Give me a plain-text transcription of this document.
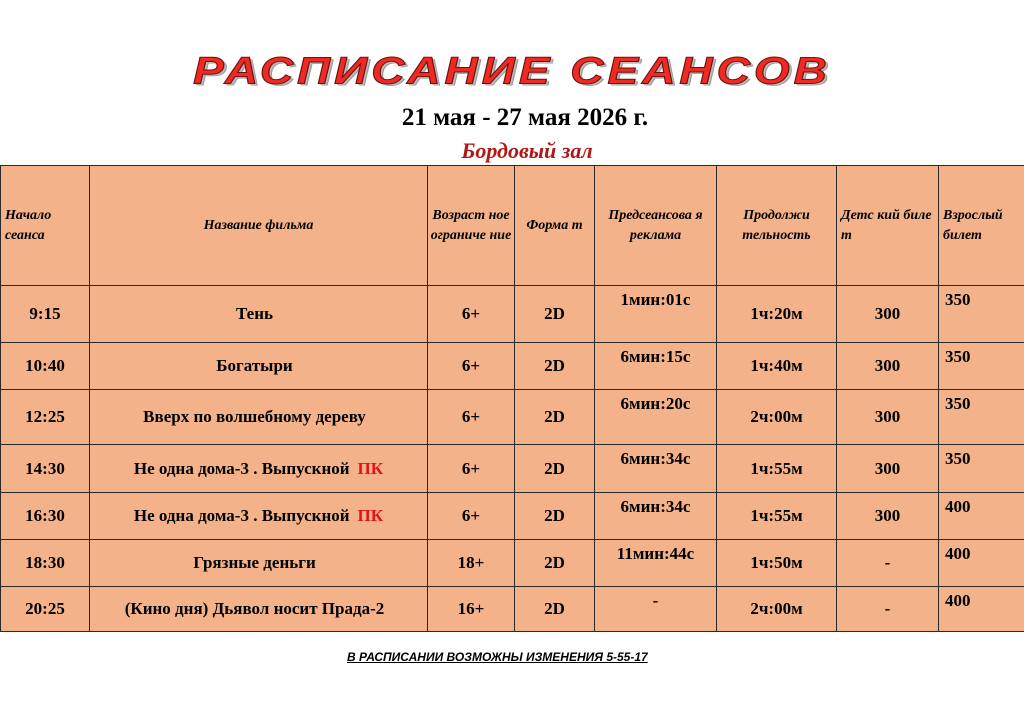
РАСПИСАНИЕ СЕАНСОВ
21 мая - 27 мая 2026 г.
Бордовый зал
Начало сеанса	Название фильма	Возраст ное ограниче ние	Форма т	Предсеансова я реклама	Продолжи тельность	Детс кий биле т	Взрослый билет
9:15	Тень	6+	2D	1мин:01с	1ч:20м	300	350
10:40	Богатыри	6+	2D	6мин:15с	1ч:40м	300	350
12:25	Вверх по волшебному дереву	6+	2D	6мин:20с	2ч:00м	300	350
14:30	Не одна дома-3 . Выпускной ПК	6+	2D	6мин:34с	1ч:55м	300	350
16:30	Не одна дома-3 . Выпускной ПК	6+	2D	6мин:34с	1ч:55м	300	400
18:30	Грязные деньги	18+	2D	11мин:44с	1ч:50м	-	400
20:25	(Кино дня) Дьявол носит Прада-2	16+	2D	-	2ч:00м	-	400
В РАСПИСАНИИ ВОЗМОЖНЫ ИЗМЕНЕНИЯ 5-55-17
